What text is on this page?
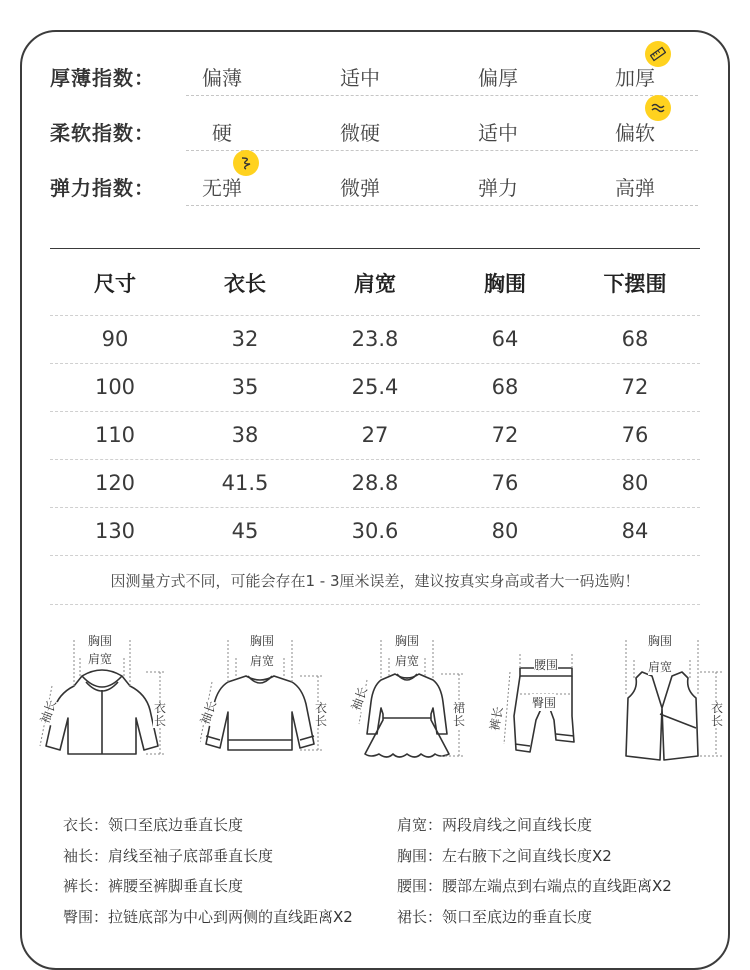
厚薄指数：	偏薄	适中	偏厚	加厚
柔软指数：	硬	微硬	适中	偏软
弹力指数：	无弹	微弹	弹力	高弹
尺寸	衣长	肩宽	胸围	下摆围
90	32	23.8	64	68
100	35	25.4	68	72
110	38	27	72	76
120	41.5	28.8	76	80
130	45	30.6	80	84
因测量方式不同，可能会存在1 - 3厘米误差，建议按真实身高或者大一码选购！
胸围
肩宽
袖长	衣长
胸围
肩宽
袖长	衣长
胸围
肩宽
袖长	裙长
腰围
臀围
裤长
胸围
肩宽
衣长
衣长：领口至底边垂直长度
袖长：肩线至袖子底部垂直长度
裤长：裤腰至裤脚垂直长度
臀围：拉链底部为中心到两侧的直线距离X2
肩宽：两段肩线之间直线长度
胸围：左右腋下之间直线长度X2
腰围：腰部左端点到右端点的直线距离X2
裙长：领口至底边的垂直长度
